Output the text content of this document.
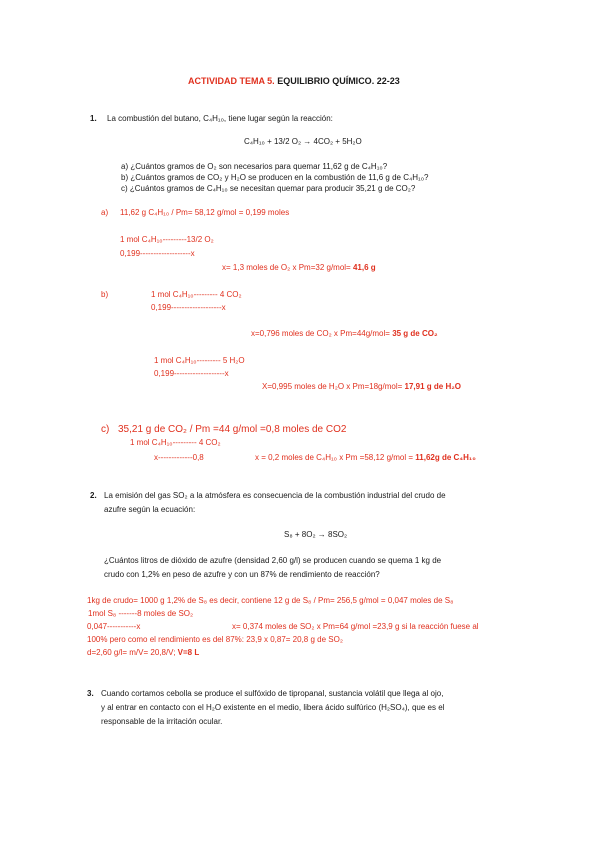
ACTIVIDAD TEMA 5. EQUILIBRIO QUÍMICO. 22-23
1. La combustión del butano, C₄H₁₀, tiene lugar según la reacción:
C₄H₁₀ + 13/2 O₂ → 4CO₂ + 5H₂O
a) ¿Cuántos gramos de O₂ son necesarios para quemar 11,62 g de C₄H₁₀?
b) ¿Cuántos gramos de CO₂ y H₂O se producen en la combustión de 11,6 g de C₄H₁₀?
c) ¿Cuántos gramos de C₄H₁₀ se necesitan quemar para producir 35,21 g de CO₂?
a) 11,62 g C₄H₁₀ / Pm= 58,12 g/mol = 0,199 moles
1 mol C₄H₁₀---------13/2 O₂
0,199-------------------x
x= 1,3 moles de O₂ x Pm=32 g/mol= 41,6 g
b)	1 mol C₄H₁₀--------- 4 CO₂
0,199-------------------x
x=0,796 moles de CO₂ x Pm=44g/mol= 35 g de CO₂
1 mol C₄H₁₀--------- 5 H₂O
0,199-------------------x
X=0,995 moles de H₂O x Pm=18g/mol= 17,91 g de H₂O
c) 35,21 g de CO₂ / Pm =44 g/mol =0,8 moles de CO2
1 mol C₄H₁₀--------- 4 CO₂
x-------------0,8	x = 0,2 moles de C₄H₁₀ x Pm =58,12 g/mol = 11,62g de C₄H₁₀
2. La emisión del gas SO₂ a la atmósfera es consecuencia de la combustión industrial del crudo de
azufre según la ecuación:
S₈ + 8O₂ → 8SO₂
¿Cuántos litros de dióxido de azufre (densidad 2,60 g/l) se producen cuando se quema 1 kg de
crudo con 1,2% en peso de azufre y con un 87% de rendimiento de reacción?
1kg de crudo= 1000 g 1,2% de S₈ es decir, contiene 12 g de S₈ / Pm= 256,5 g/mol = 0,047 moles de S₈
1mol S₈ -------8 moles de SO₂
0,047-----------x	x= 0,374 moles de SO₂ x Pm=64 g/mol =23,9 g si la reacción fuese al
100% pero como el rendimiento es del 87%: 23,9 x 0,87= 20,8 g de SO₂
d=2,60 g/l= m/V= 20,8/V; V=8 L
3. Cuando cortamos cebolla se produce el sulfóxido de tipropanal, sustancia volátil que llega al ojo,
y al entrar en contacto con el H₂O existente en el medio, libera ácido sulfúrico (H₂SO₄), que es el
responsable de la irritación ocular.
